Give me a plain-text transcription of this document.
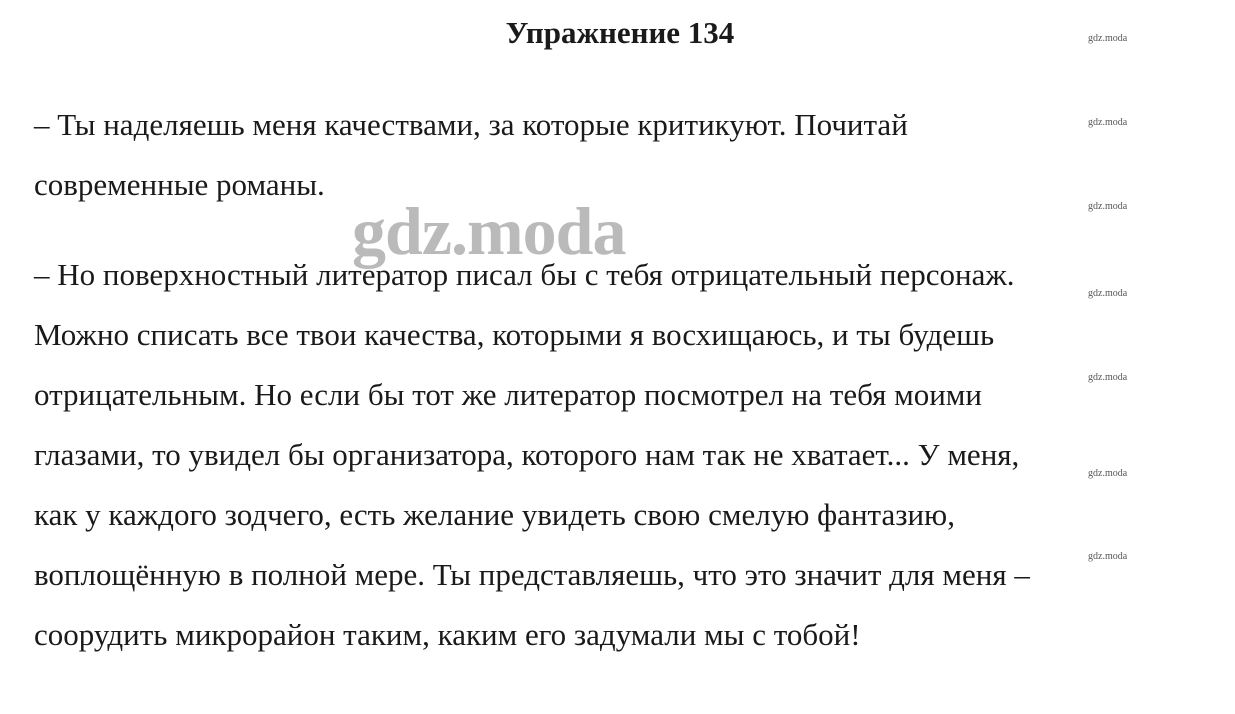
Упражнение 134
– Ты наделяешь меня качествами, за которые критикуют. Почитай
современные романы.
– Но поверхностный литератор писал бы с тебя отрицательный персонаж.
Можно списать все твои качества, которыми я восхищаюсь, и ты будешь
отрицательным. Но если бы тот же литератор посмотрел на тебя моими
глазами, то увидел бы организатора, которого нам так не хватает... У меня,
как у каждого зодчего, есть желание увидеть свою смелую фантазию,
воплощённую в полной мере. Ты представляешь, что это значит для меня –
соорудить микрорайон таким, каким его задумали мы с тобой!
gdz.moda
gdz.moda
gdz.moda
gdz.moda
gdz.moda
gdz.moda
gdz.moda
gdz.moda
